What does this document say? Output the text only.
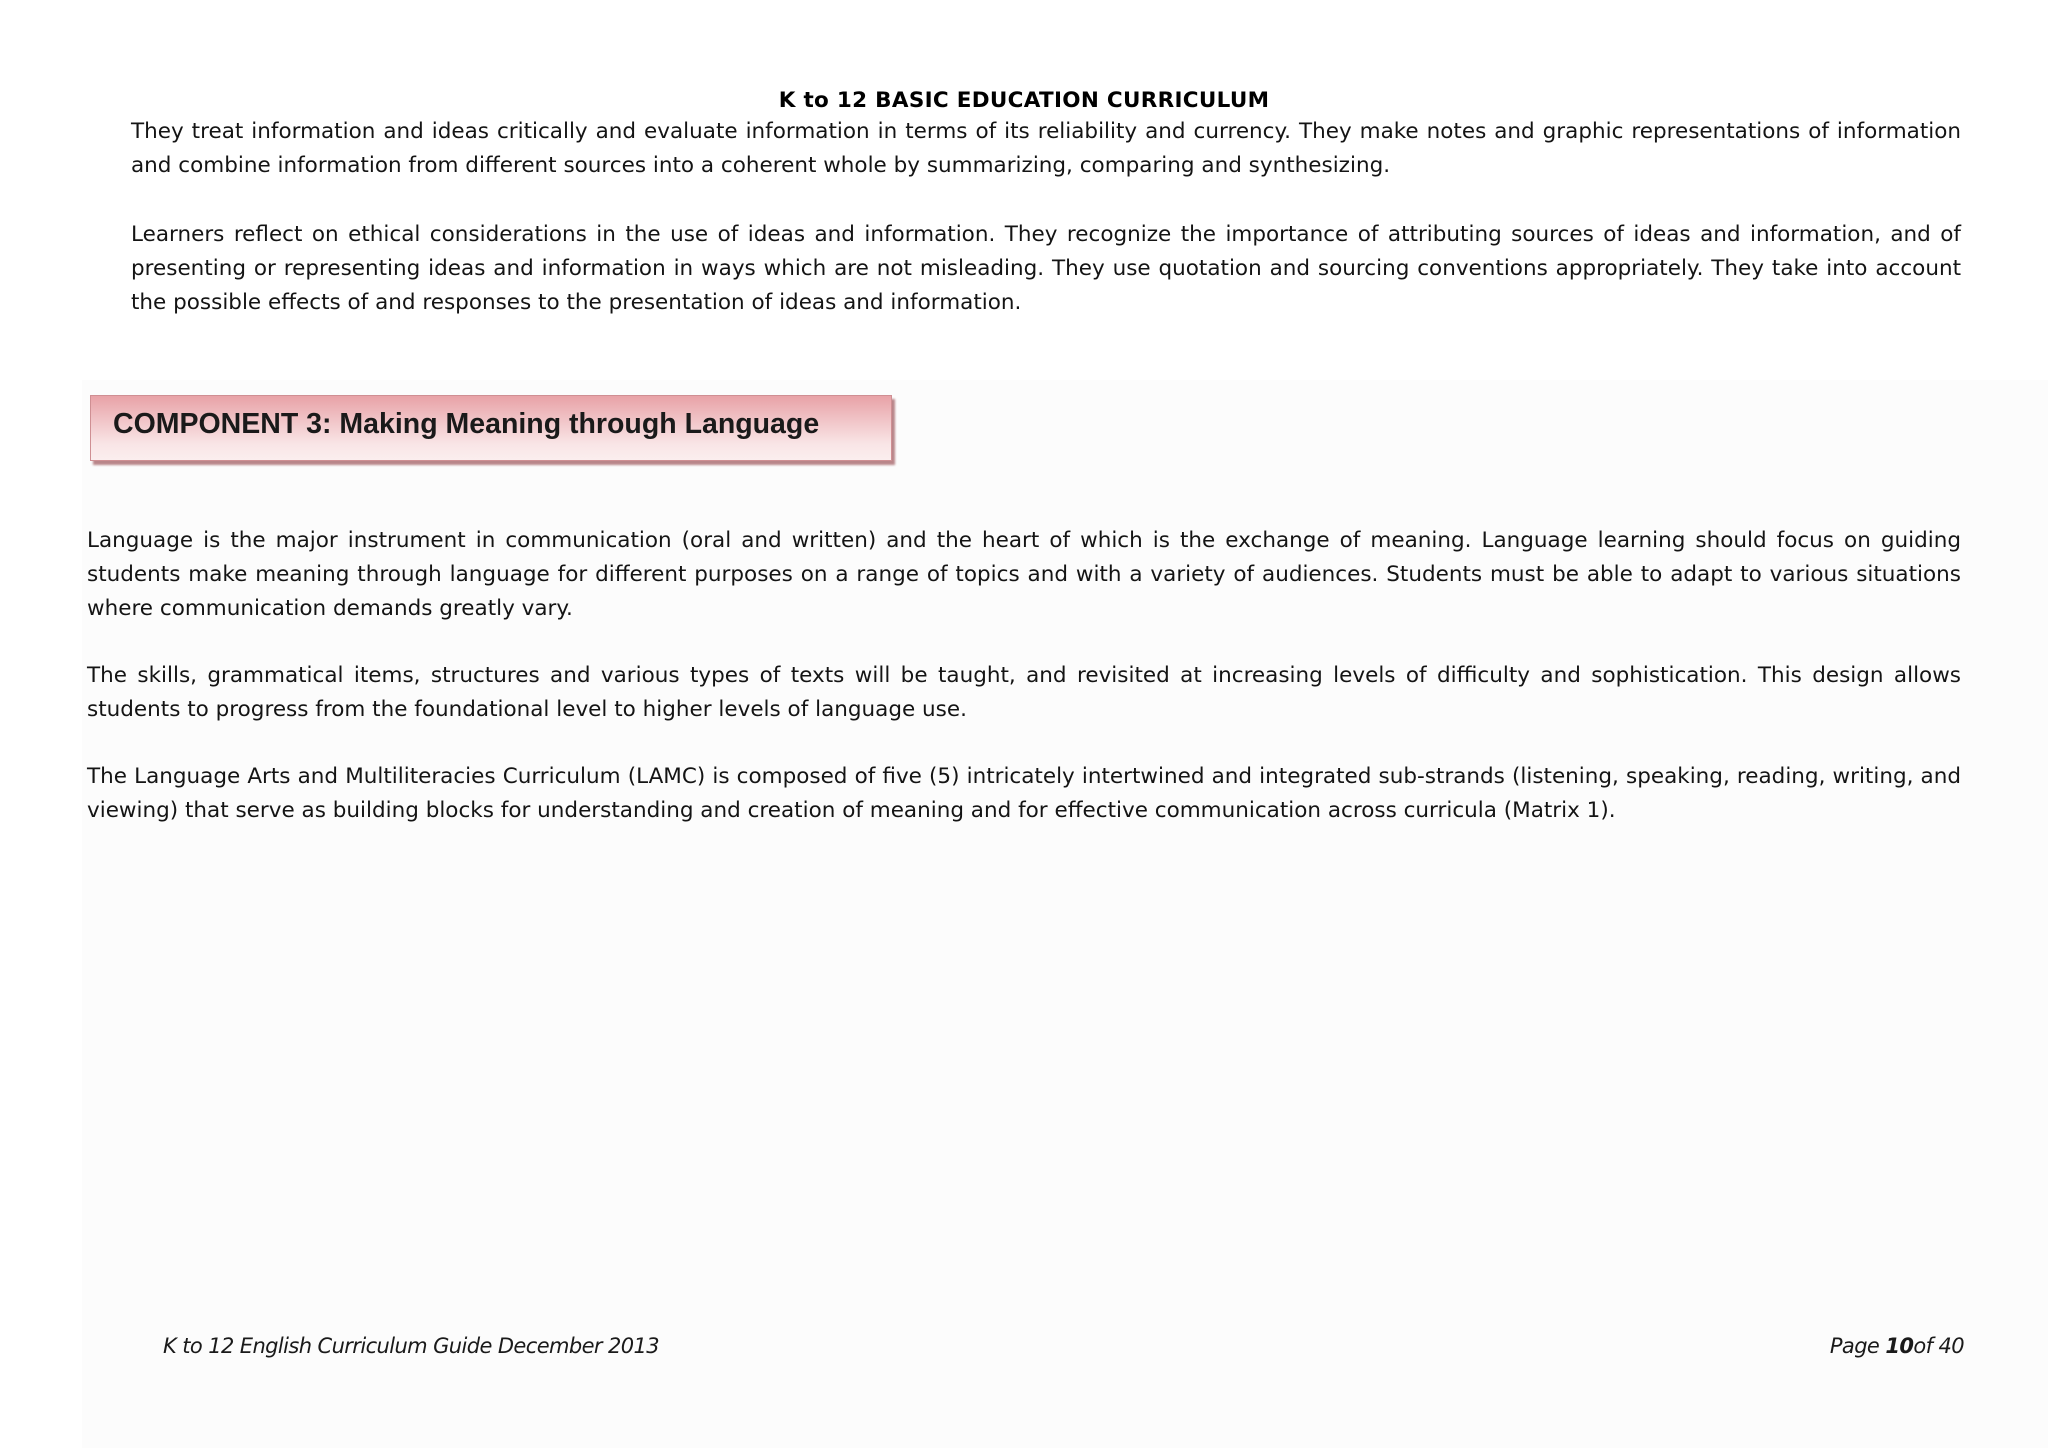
K to 12 BASIC EDUCATION CURRICULUM

They treat information and ideas critically and evaluate information in terms of its reliability and currency. They make notes and graphic representations of information and combine information from different sources into a coherent whole by summarizing, comparing and synthesizing.

Learners reflect on ethical considerations in the use of ideas and information. They recognize the importance of attributing sources of ideas and information, and of presenting or representing ideas and information in ways which are not misleading. They use quotation and sourcing conventions appropriately. They take into account the possible effects of and responses to the presentation of ideas and information.

COMPONENT 3: Making Meaning through Language

Language is the major instrument in communication (oral and written) and the heart of which is the exchange of meaning. Language learning should focus on guiding students make meaning through language for different purposes on a range of topics and with a variety of audiences. Students must be able to adapt to various situations where communication demands greatly vary.

The skills, grammatical items, structures and various types of texts will be taught, and revisited at increasing levels of difficulty and sophistication. This design allows students to progress from the foundational level to higher levels of language use.

The Language Arts and Multiliteracies Curriculum (LAMC) is composed of five (5) intricately intertwined and integrated sub-strands (listening, speaking, reading, writing, and viewing) that serve as building blocks for understanding and creation of meaning and for effective communication across curricula (Matrix 1).

K to 12 English Curriculum Guide December 2013	Page 10of 40
